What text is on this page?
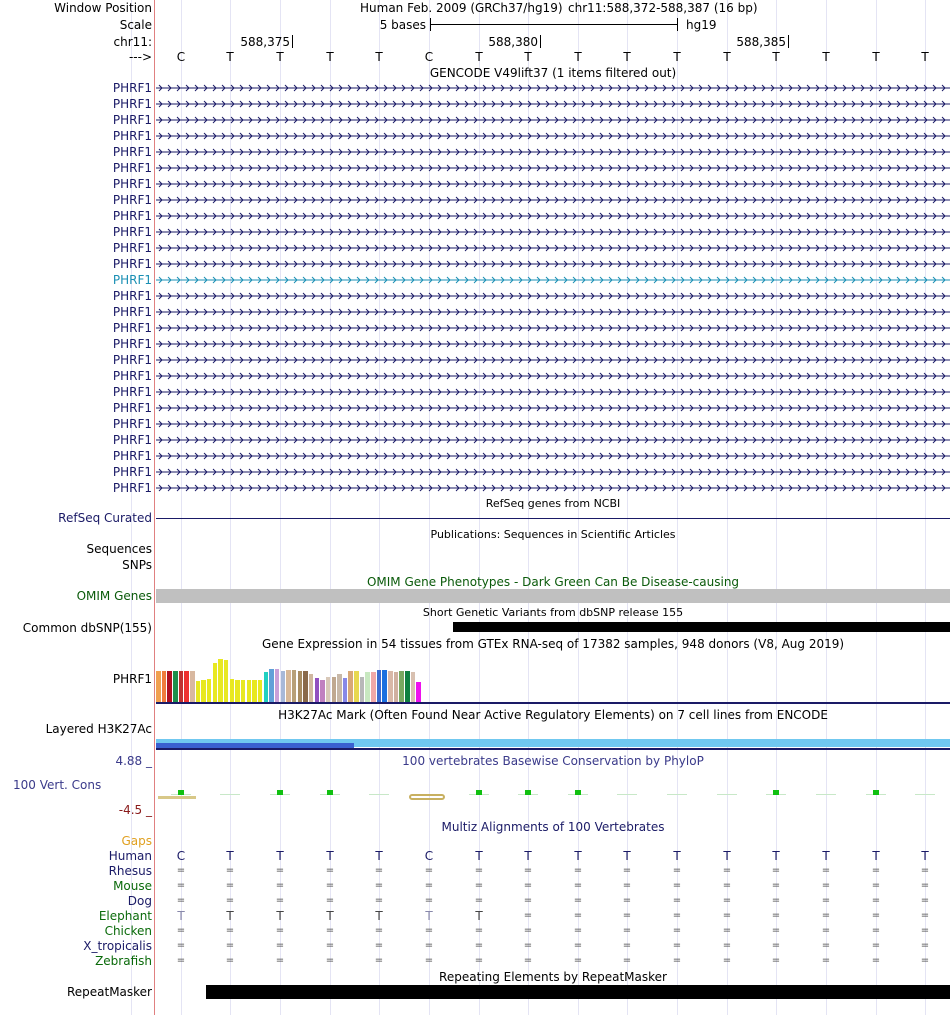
Window Position	Human Feb. 2009 (GRCh37/hg19) chr11:588,372-588,387 (16 bp)
Scale	5 bases	hg19
chr11:	588,375	588,380	588,385
--->	C	T	T	T	T	C	T	T	T	T	T	T	T	T	T	T
GENCODE V49lift37 (1 items filtered out)
PHRF1
PHRF1
PHRF1
PHRF1
PHRF1
PHRF1
PHRF1
PHRF1
PHRF1
PHRF1
PHRF1
PHRF1
PHRF1
PHRF1
PHRF1
PHRF1
PHRF1
PHRF1
PHRF1
PHRF1
PHRF1
PHRF1
PHRF1
PHRF1
PHRF1
PHRF1
RefSeq genes from NCBI
RefSeq Curated
Publications: Sequences in Scientific Articles
Sequences
SNPs
OMIM Gene Phenotypes - Dark Green Can Be Disease-causing
OMIM Genes
Short Genetic Variants from dbSNP release 155
Common dbSNP(155)
Gene Expression in 54 tissues from GTEx RNA-seq of 17382 samples, 948 donors (V8, Aug 2019)
PHRF1
H3K27Ac Mark (Often Found Near Active Regulatory Elements) on 7 cell lines from ENCODE
Layered H3K27Ac
100 vertebrates Basewise Conservation by PhyloP
4.88 _
100 Vert. Cons
-4.5 _
Multiz Alignments of 100 Vertebrates
Gaps
Human	C	T	T	T	T	C	T	T	T	T	T	T	T	T	T	T
Rhesus	=	=	=	=	=	=	=	=	=	=	=	=	=	=	=	=
Mouse	=	=	=	=	=	=	=	=	=	=	=	=	=	=	=	=
Dog	=	=	=	=	=	=	=	=	=	=	=	=	=	=	=	=
Elephant	T	T	T	T	T	T	T	=	=	=	=	=	=	=	=	=
Chicken	=	=	=	=	=	=	=	=	=	=	=	=	=	=	=	=
X_tropicalis	=	=	=	=	=	=	=	=	=	=	=	=	=	=	=	=
Zebrafish	=	=	=	=	=	=	=	=	=	=	=	=	=	=	=	=
Repeating Elements by RepeatMasker
RepeatMasker
